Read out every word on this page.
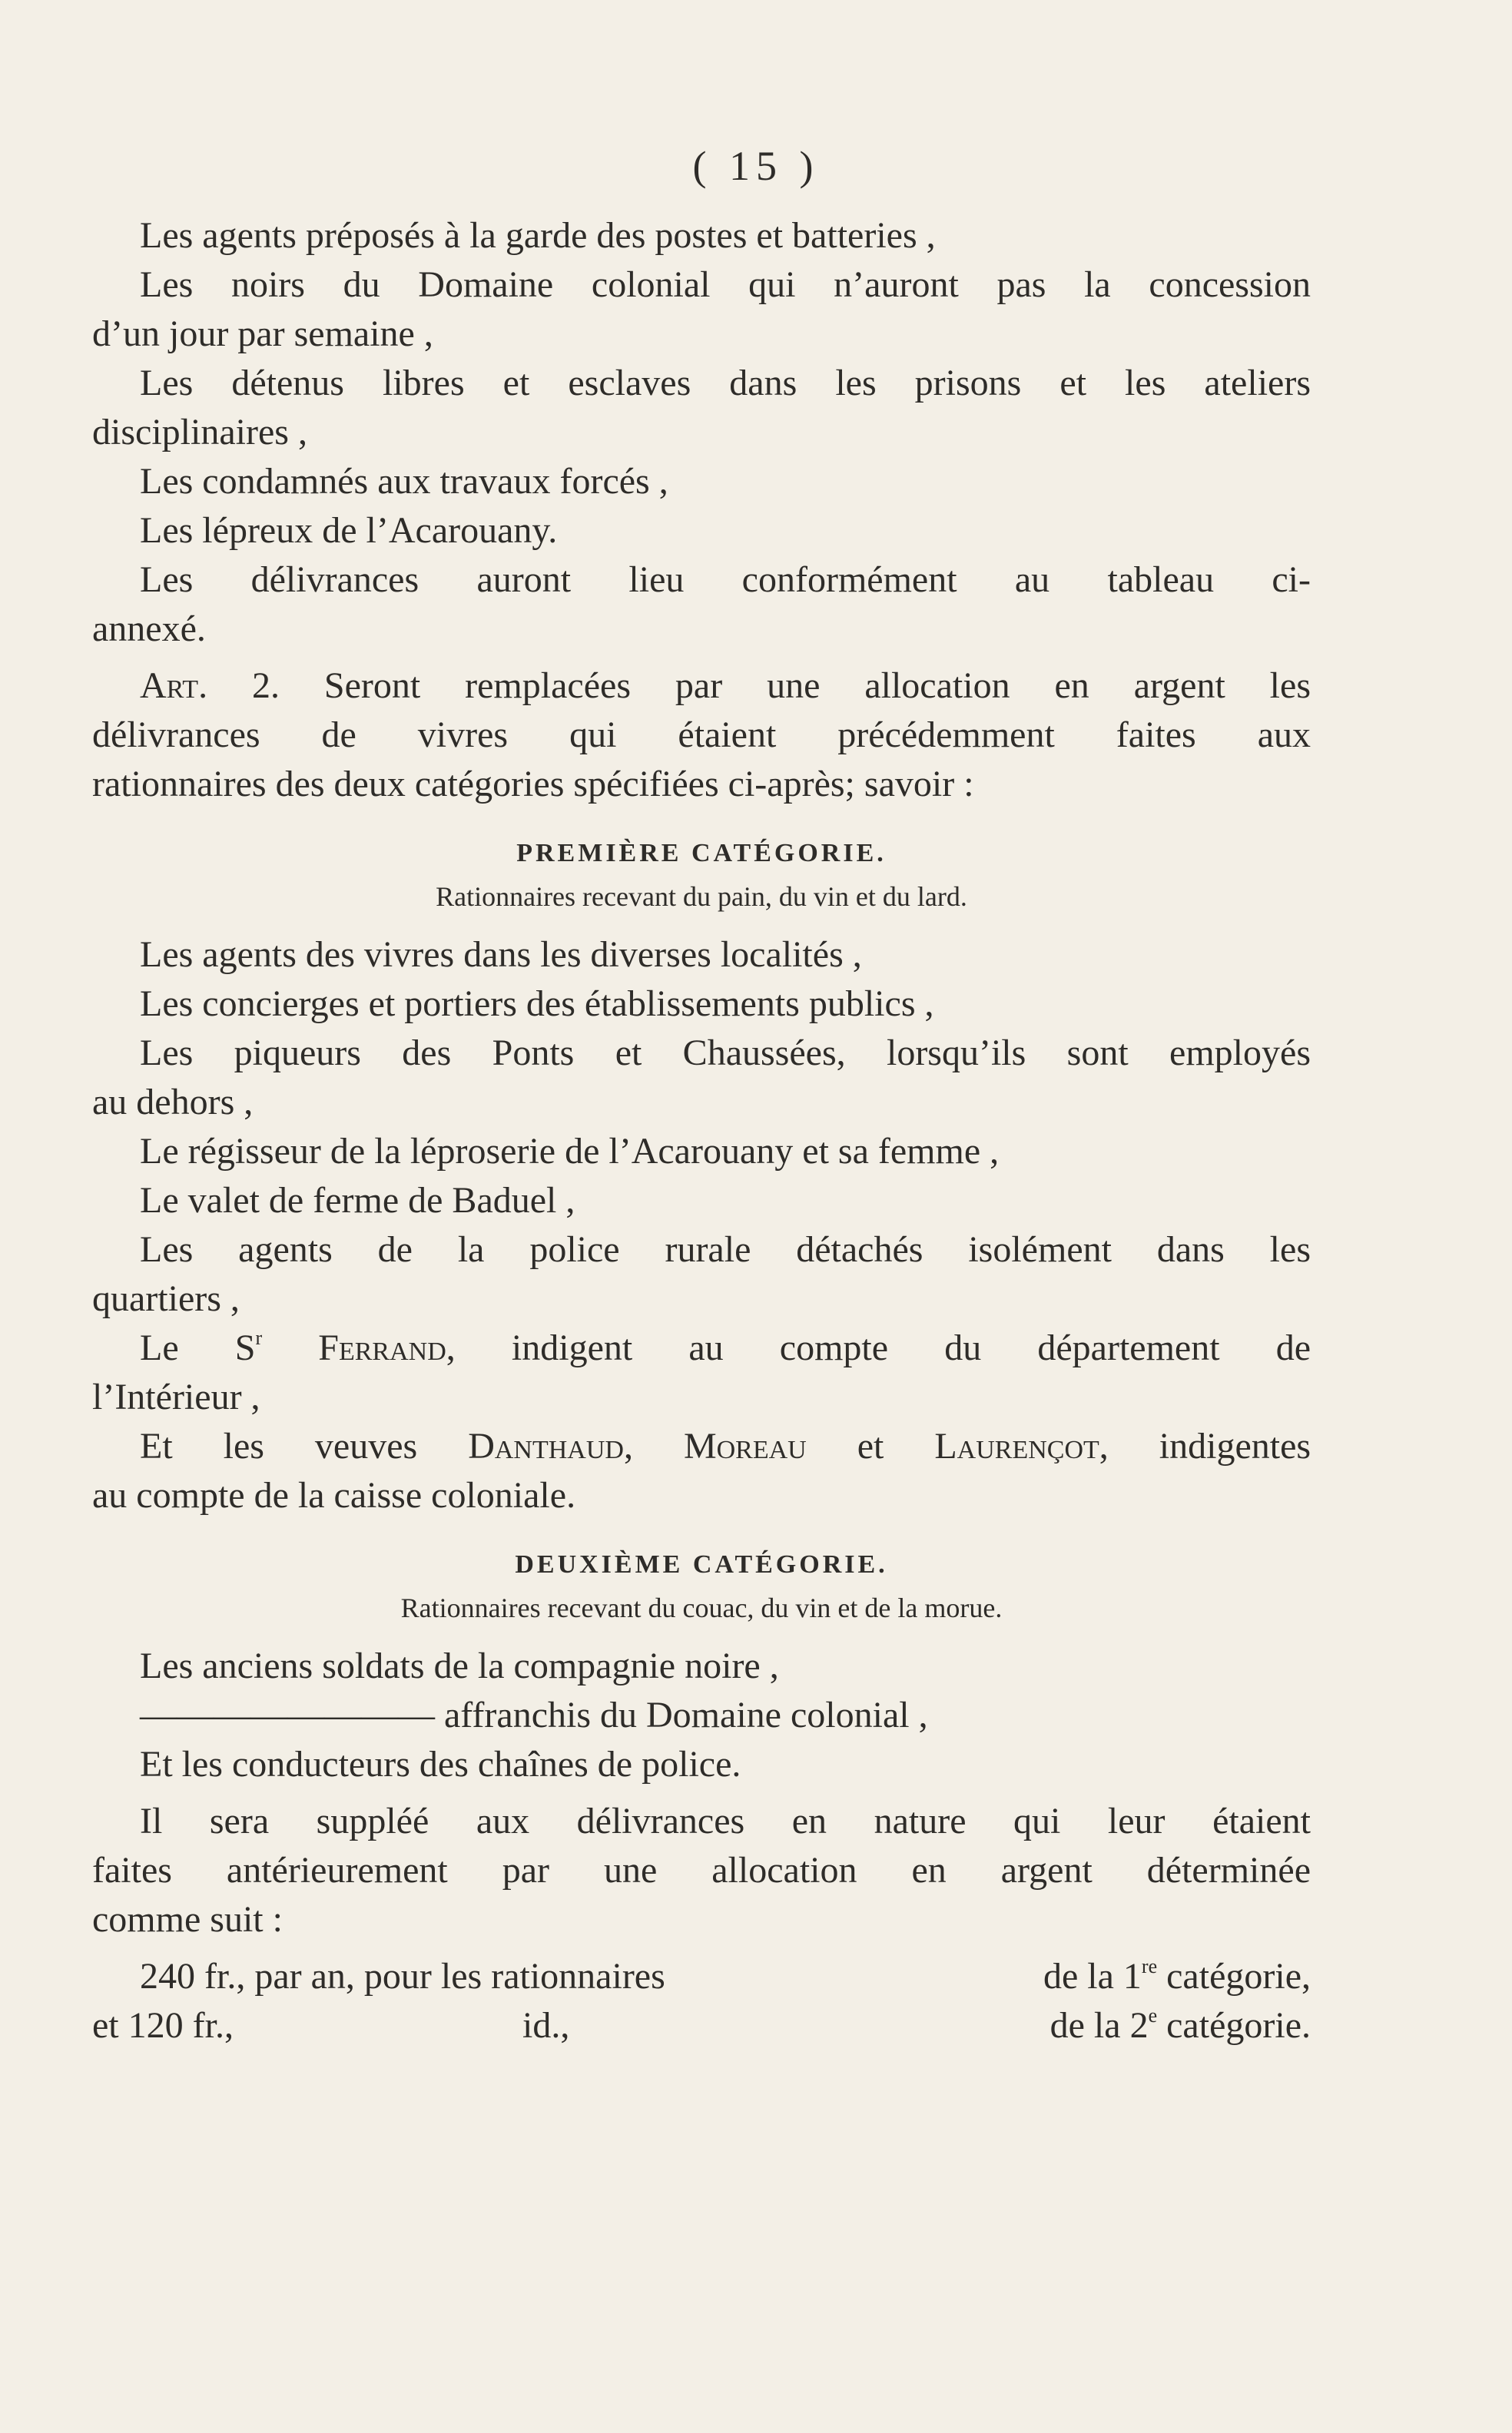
( 15 )
Les agents préposés à la garde des postes et batteries ,
Les noirs du Domaine colonial qui n’auront pas la concession
d’un jour par semaine ,
Les détenus libres et esclaves dans les prisons et les ateliers
disciplinaires ,
Les condamnés aux travaux forcés ,
Les lépreux de l’Acarouany.
Les délivrances auront lieu conformément au tableau ci-
annexé.
Art. 2. Seront remplacées par une allocation en argent les
délivrances de vivres qui étaient précédemment faites aux
rationnaires des deux catégories spécifiées ci-après; savoir :
PREMIÈRE CATÉGORIE.
Rationnaires recevant du pain, du vin et du lard.
Les agents des vivres dans les diverses localités ,
Les concierges et portiers des établissements publics ,
Les piqueurs des Ponts et Chaussées, lorsqu’ils sont employés
au dehors ,
Le régisseur de la léproserie de l’Acarouany et sa femme ,
Le valet de ferme de Baduel ,
Les agents de la police rurale détachés isolément dans les
quartiers ,
Le $S^r$ Ferrand, indigent au compte du département de
l’Intérieur ,
Et les veuves Danthaud, Moreau et Laurençot, indigentes
au compte de la caisse coloniale.
DEUXIÈME CATÉGORIE.
Rationnaires recevant du couac, du vin et de la morue.
Les anciens soldats de la compagnie noire ,
———————— affranchis du Domaine colonial ,
Et les conducteurs des chaînes de police.
Il sera suppléé aux délivrances en nature qui leur étaient
faites antérieurement par une allocation en argent déterminée
comme suit :
240 fr., par an, pour les rationnaires	de la 1re catégorie,
et 120 fr.,	id.,	de la 2e catégorie.
